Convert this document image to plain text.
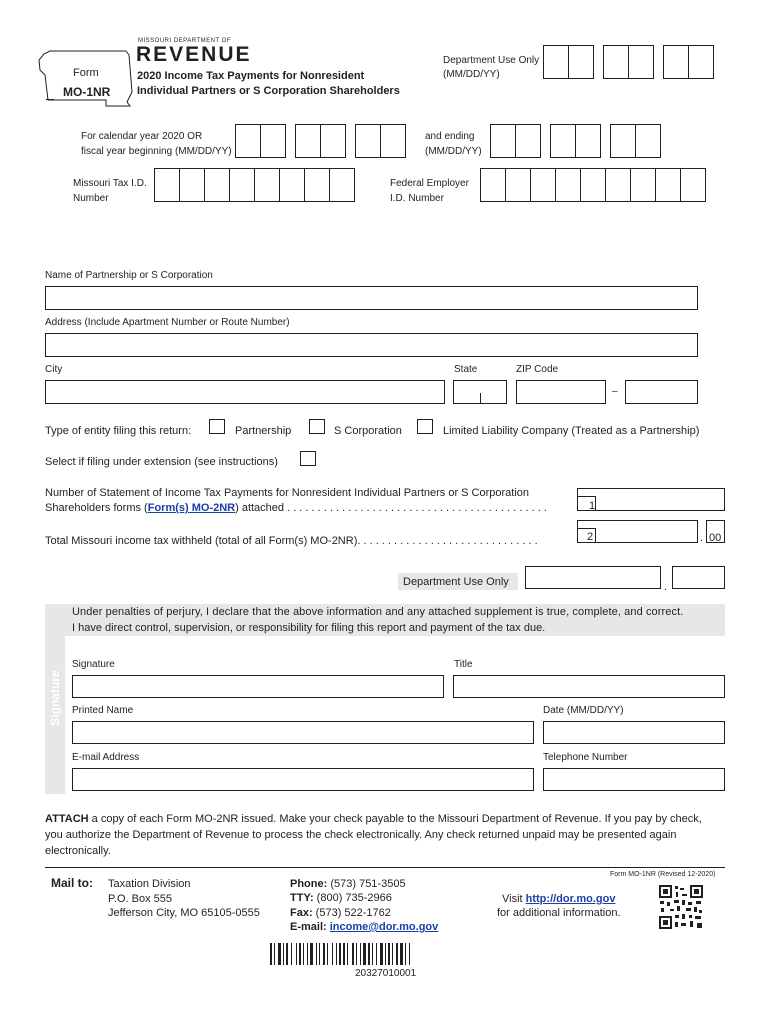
Form
MO-1NR
MISSOURI DEPARTMENT OF
REVENUE
2020 Income Tax Payments for Nonresident
Individual Partners or S Corporation Shareholders
Department Use Only
(MM/DD/YY)
For calendar year 2020 OR
fiscal year beginning (MM/DD/YY)
and ending
(MM/DD/YY)
Missouri Tax I.D.
Number
Federal Employer
I.D. Number
Name of Partnership or S Corporation
Address (Include Apartment Number or Route Number)
City	State	ZIP Code
–
Type of entity filing this return:	Partnership	S Corporation	Limited Liability Company (Treated as a Partnership)
Select if filing under extension (see instructions)
Number of Statement of Income Tax Payments for Nonresident Individual Partners or S Corporation
Shareholders forms (Form(s) MO-2NR) attached . . . . . . . . . . . . . . . . . . . . . . . . . . . . . . . . . . . . . . . . . . .	1
Total Missouri income tax withheld (total of all Form(s) MO-2NR). . . . . . . . . . . . . . . . . . . . . . . . . . . . . .	2	. 00
Department Use Only	.
Signature
Under penalties of perjury, I declare that the above information and any attached supplement is true, complete, and correct.
I have direct control, supervision, or responsibility for filing this report and payment of the tax due.
Signature	Title
Printed Name	Date (MM/DD/YY)
E-mail Address	Telephone Number
ATTACH a copy of each Form MO-2NR issued. Make your check payable to the Missouri Department of Revenue. If you pay by check,
you authorize the Department of Revenue to process the check electronically. Any check returned unpaid may be presented again
electronically.
Form MO-1NR (Revised 12-2020)
Mail to: Taxation Division
P.O. Box 555
Jefferson City, MO 65105-0555
Phone: (573) 751-3505
TTY: (800) 735-2966
Fax: (573) 522-1762
E-mail: income@dor.mo.gov
Visit http://dor.mo.gov
for additional information.
20327010001
